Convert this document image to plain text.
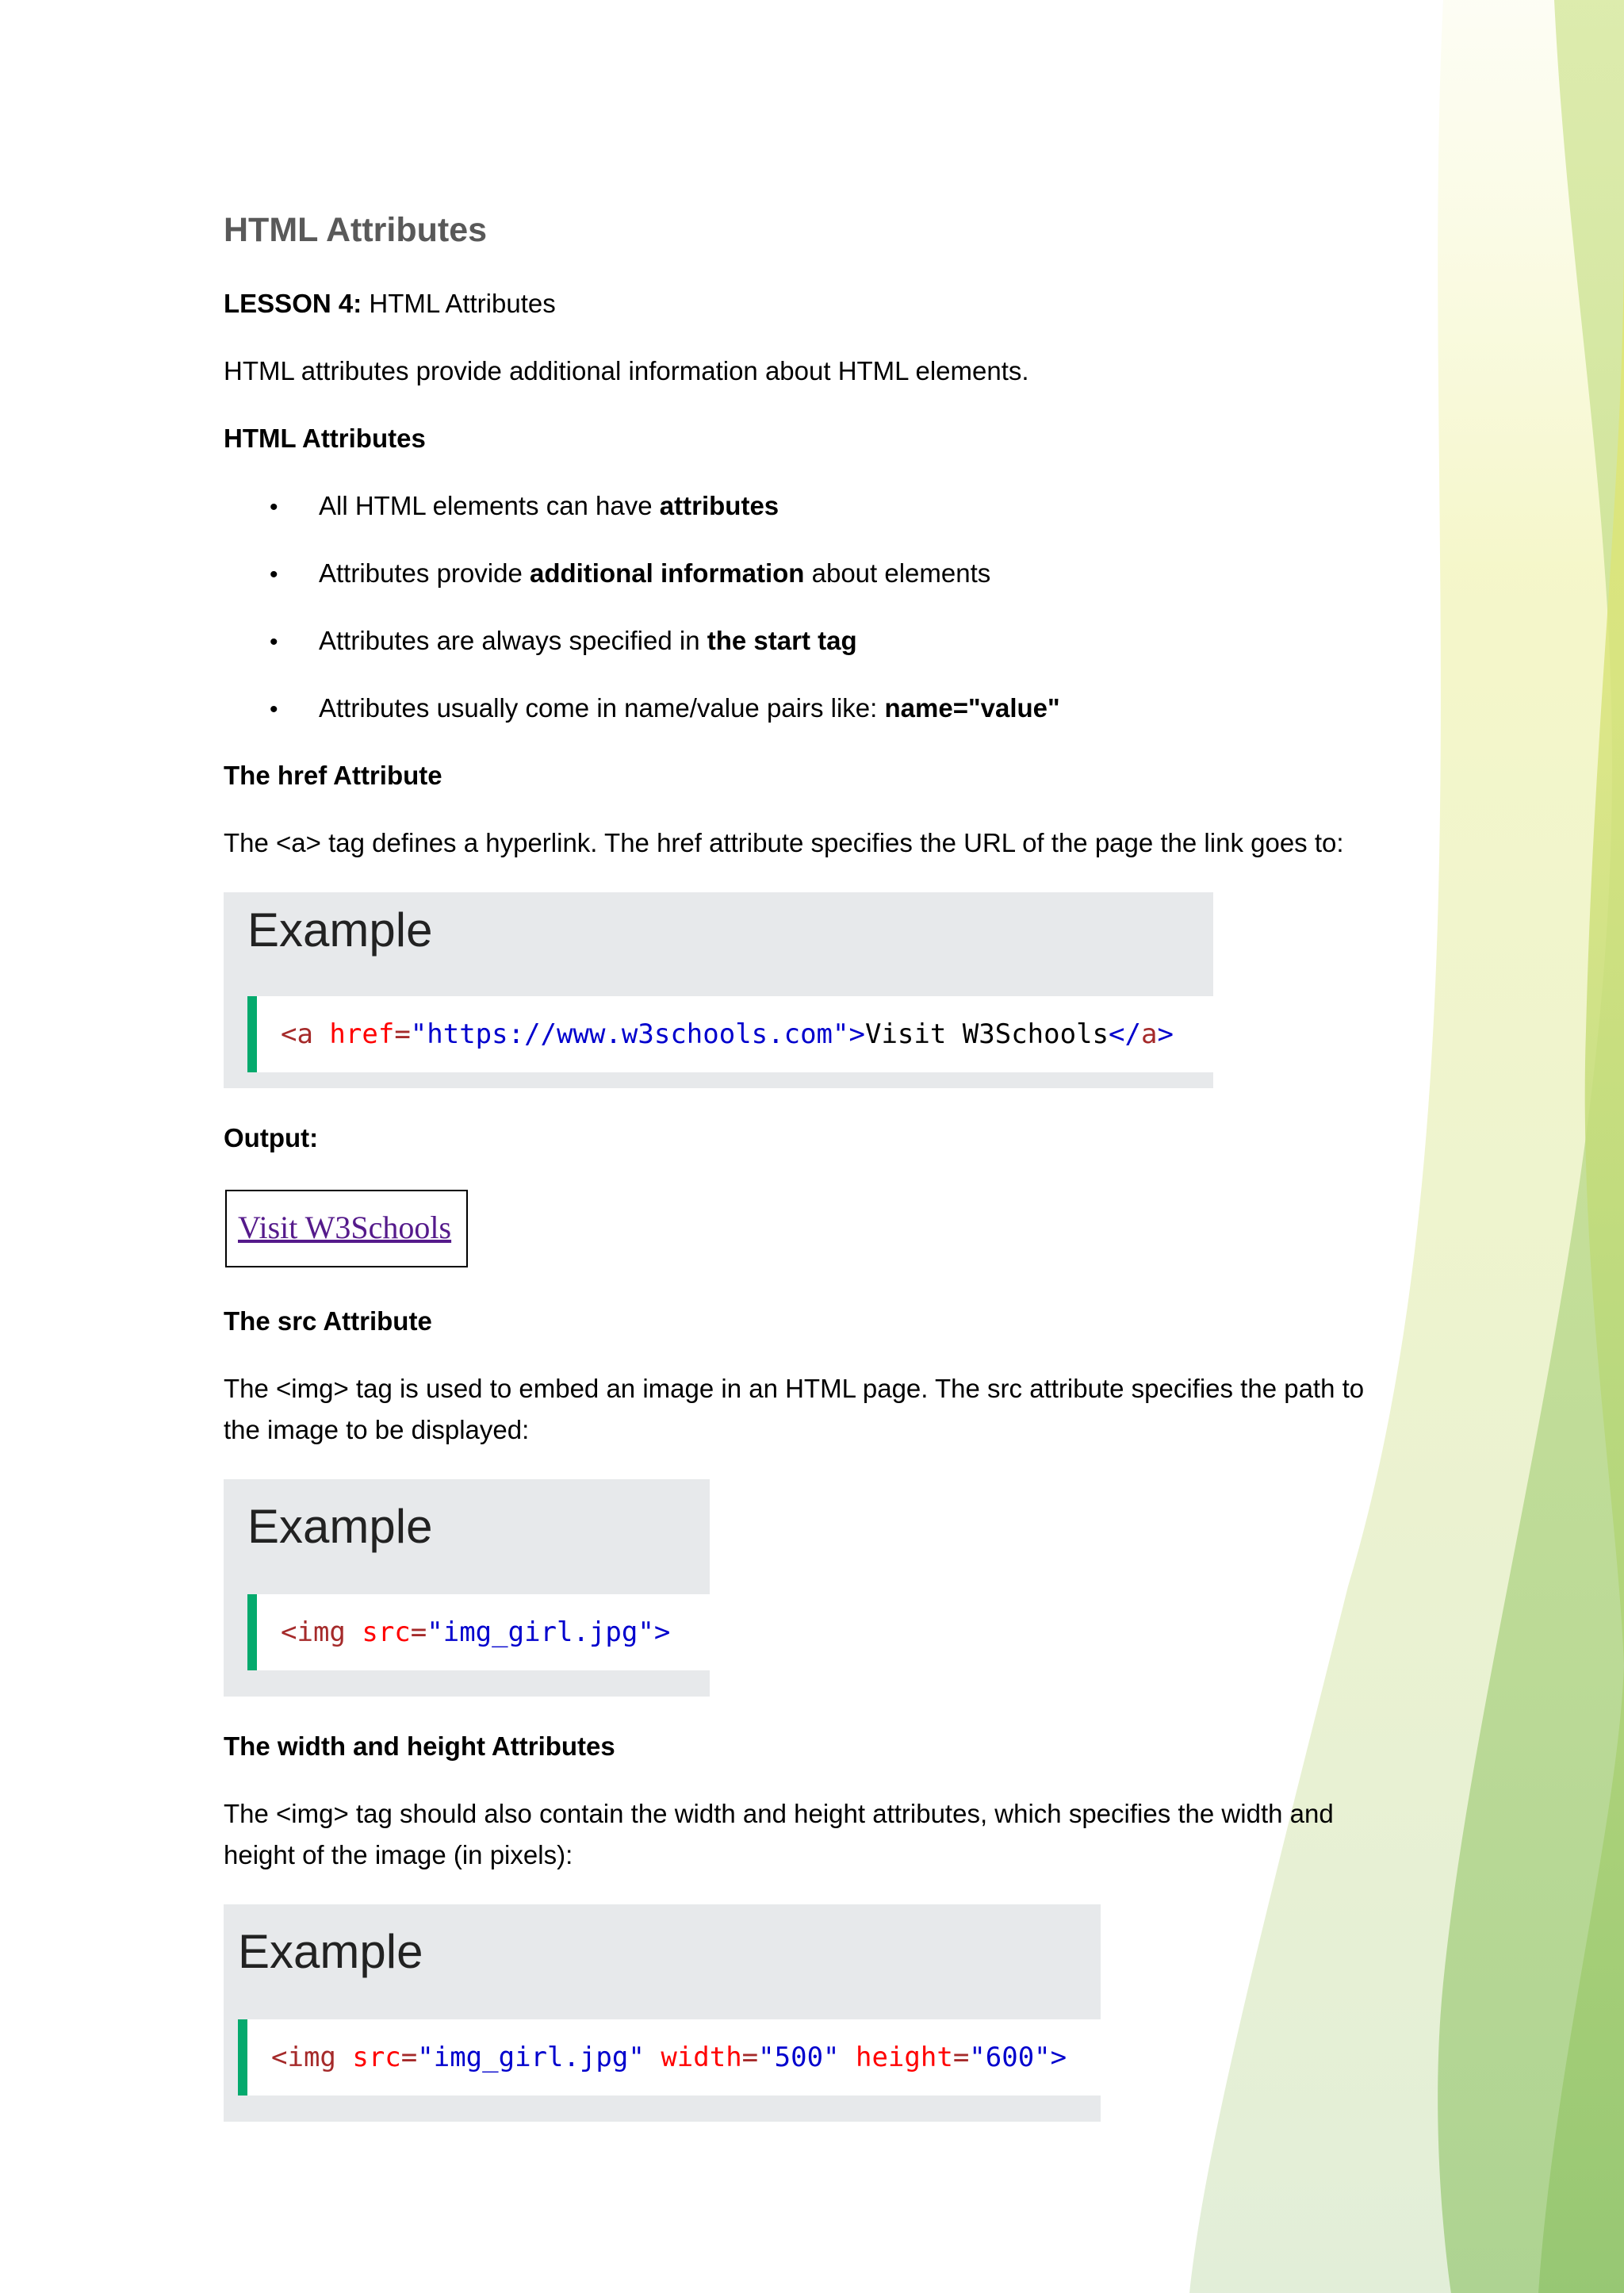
HTML Attributes
LESSON 4: HTML Attributes
HTML attributes provide additional information about HTML elements.
HTML Attributes
• All HTML elements can have attributes
• Attributes provide additional information about elements
• Attributes are always specified in the start tag
• Attributes usually come in name/value pairs like: name="value"
The href Attribute
The <a> tag defines a hyperlink. The href attribute specifies the URL of the page the link goes to:
Example
<a href="https://www.w3schools.com">Visit W3Schools</a>
Output:
Visit W3Schools
The src Attribute
The <img> tag is used to embed an image in an HTML page. The src attribute specifies the path to
the image to be displayed:
Example
<img src="img_girl.jpg">
The width and height Attributes
The <img> tag should also contain the width and height attributes, which specifies the width and
height of the image (in pixels):
Example
<img src="img_girl.jpg" width="500" height="600">
